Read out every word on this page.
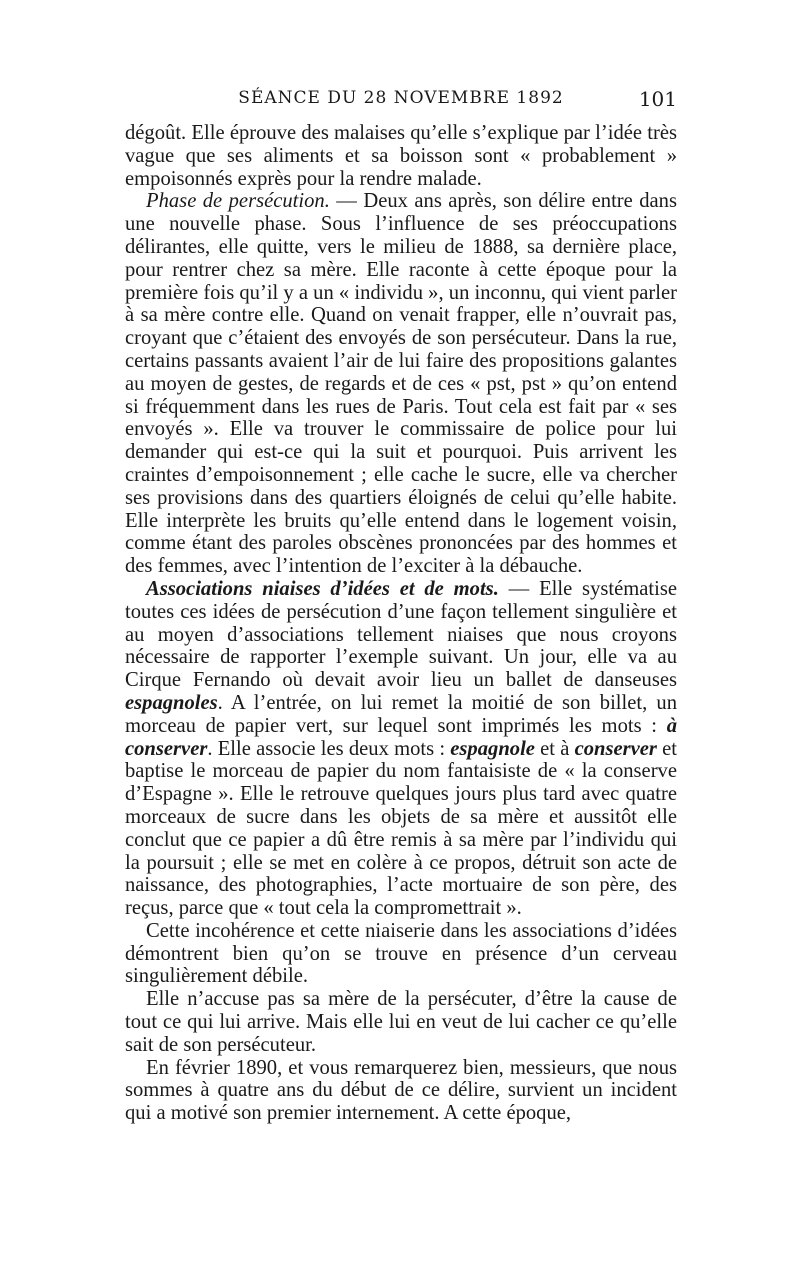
SÉANCE DU 28 NOVEMBRE 1892	101

dégoût. Elle éprouve des malaises qu’elle s’explique par l’idée très vague que ses aliments et sa boisson sont « probablement » empoisonnés exprès pour la rendre malade.

Phase de persécution. — Deux ans après, son délire entre dans une nouvelle phase. Sous l’influence de ses préoccupations délirantes, elle quitte, vers le milieu de 1888, sa dernière place, pour rentrer chez sa mère. Elle raconte à cette époque pour la première fois qu’il y a un « individu », un inconnu, qui vient parler à sa mère contre elle. Quand on venait frapper, elle n’ouvrait pas, croyant que c’étaient des envoyés de son persécuteur. Dans la rue, certains passants avaient l’air de lui faire des propositions galantes au moyen de gestes, de regards et de ces « pst, pst » qu’on entend si fréquemment dans les rues de Paris. Tout cela est fait par « ses envoyés ». Elle va trouver le commissaire de police pour lui demander qui est-ce qui la suit et pourquoi. Puis arrivent les craintes d’empoisonnement ; elle cache le sucre, elle va chercher ses provisions dans des quartiers éloignés de celui qu’elle habite. Elle interprète les bruits qu’elle entend dans le logement voisin, comme étant des paroles obscènes prononcées par des hommes et des femmes, avec l’intention de l’exciter à la débauche.

Associations niaises d’idées et de mots. — Elle systématise toutes ces idées de persécution d’une façon tellement singulière et au moyen d’associations tellement niaises que nous croyons nécessaire de rapporter l’exemple suivant. Un jour, elle va au Cirque Fernando où devait avoir lieu un ballet de danseuses espagnoles. A l’entrée, on lui remet la moitié de son billet, un morceau de papier vert, sur lequel sont imprimés les mots : à conserver. Elle associe les deux mots : espagnole et à conserver et baptise le morceau de papier du nom fantaisiste de « la conserve d’Espagne ». Elle le retrouve quelques jours plus tard avec quatre morceaux de sucre dans les objets de sa mère et aussitôt elle conclut que ce papier a dû être remis à sa mère par l’individu qui la poursuit ; elle se met en colère à ce propos, détruit son acte de naissance, des photographies, l’acte mortuaire de son père, des reçus, parce que « tout cela la compromettrait ».

Cette incohérence et cette niaiserie dans les associations d’idées démontrent bien qu’on se trouve en présence d’un cerveau singulièrement débile.

Elle n’accuse pas sa mère de la persécuter, d’être la cause de tout ce qui lui arrive. Mais elle lui en veut de lui cacher ce qu’elle sait de son persécuteur.

En février 1890, et vous remarquerez bien, messieurs, que nous sommes à quatre ans du début de ce délire, survient un incident qui a motivé son premier internement. A cette époque,
